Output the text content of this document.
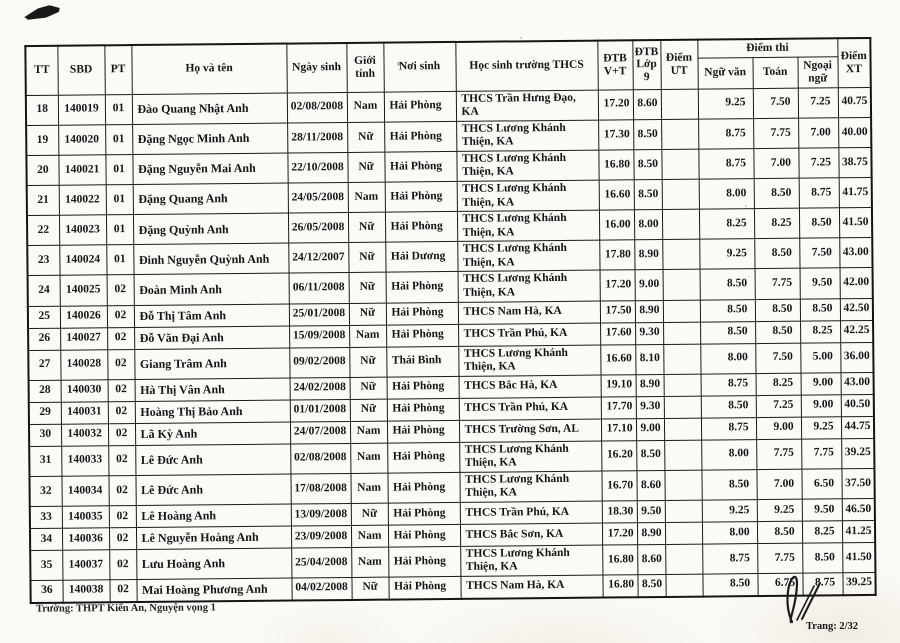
TT	SBD	PT	Họ và tên	Ngày sinh	Giới tính	Nơi sinh	Học sinh trường THCS	ĐTB V+T	ĐTB Lớp 9	Điểm ƯT	Điểm thi			Điểm XT
											Ngữ văn	Toán	Ngoại ngữ	
18	140019	01	Đào Quang Nhật Anh	02/08/2008	Nam	Hải Phòng	THCS Trần Hưng Đạo, KA	17.20	8.60		9.25	7.50	7.25	40.75
19	140020	01	Đặng Ngọc Minh Anh	28/11/2008	Nữ	Hải Phòng	THCS Lương Khánh Thiện, KA	17.30	8.50		8.75	7.75	7.00	40.00
20	140021	01	Đặng Nguyễn Mai Anh	22/10/2008	Nữ	Hải Phòng	THCS Lương Khánh Thiện, KA	16.80	8.50		8.75	7.00	7.25	38.75
21	140022	01	Đặng Quang Anh	24/05/2008	Nam	Hải Phòng	THCS Lương Khánh Thiện, KA	16.60	8.50		8.00	8.50	8.75	41.75
22	140023	01	Đặng Quỳnh Anh	26/05/2008	Nữ	Hải Phòng	THCS Lương Khánh Thiện, KA	16.00	8.00		8.25	8.25	8.50	41.50
23	140024	01	Đinh Nguyễn Quỳnh Anh	24/12/2007	Nữ	Hải Dương	THCS Lương Khánh Thiện, KA	17.80	8.90		9.25	8.50	7.50	43.00
24	140025	02	Đoàn Minh Anh	06/11/2008	Nữ	Hải Phòng	THCS Lương Khánh Thiện, KA	17.20	9.00		8.50	7.75	9.50	42.00
25	140026	02	Đỗ Thị Tâm Anh	25/01/2008	Nữ	Hải Phòng	THCS Nam Hà, KA	17.50	8.90		8.50	8.50	8.50	42.50
26	140027	02	Đỗ Văn Đại Anh	15/09/2008	Nam	Hải Phòng	THCS Trần Phú, KA	17.60	9.30		8.50	8.50	8.25	42.25
27	140028	02	Giang Trâm Anh	09/02/2008	Nữ	Thái Bình	THCS Lương Khánh Thiện, KA	16.60	8.10		8.00	7.50	5.00	36.00
28	140030	02	Hà Thị Vân Anh	24/02/2008	Nữ	Hải Phòng	THCS Bắc Hà, KA	19.10	8.90		8.75	8.25	9.00	43.00
29	140031	02	Hoàng Thị Bảo Anh	01/01/2008	Nữ	Hải Phòng	THCS Trần Phú, KA	17.70	9.30		8.50	7.25	9.00	40.50
30	140032	02	Lã Kỳ Anh	24/07/2008	Nam	Hải Phòng	THCS Trường Sơn, AL	17.10	9.00		8.75	9.00	9.25	44.75
31	140033	02	Lê Đức Anh	02/08/2008	Nam	Hải Phòng	THCS Lương Khánh Thiện, KA	16.20	8.50		8.00	7.75	7.75	39.25
32	140034	02	Lê Đức Anh	17/08/2008	Nam	Hải Phòng	THCS Lương Khánh Thiện, KA	16.70	8.60		8.50	7.00	6.50	37.50
33	140035	02	Lê Hoàng Anh	13/09/2008	Nữ	Hải Phòng	THCS Trần Phú, KA	18.30	9.50		9.25	9.25	9.50	46.50
34	140036	02	Lê Nguyễn Hoàng Anh	23/09/2008	Nam	Hải Phòng	THCS Bắc Sơn, KA	17.20	8.90		8.00	8.50	8.25	41.25
35	140037	02	Lưu Hoàng Anh	25/04/2008	Nam	Hải Phòng	THCS Lương Khánh Thiện, KA	16.80	8.60		8.75	7.75	8.50	41.50
36	140038	02	Mai Hoàng Phương Anh	04/02/2008	Nữ	Hải Phòng	THCS Nam Hà, KA	16.80	8.50		8.50	6.75	8.75	39.25
Trường: THPT Kiến An, Nguyện vọng 1
Trang: 2/32
